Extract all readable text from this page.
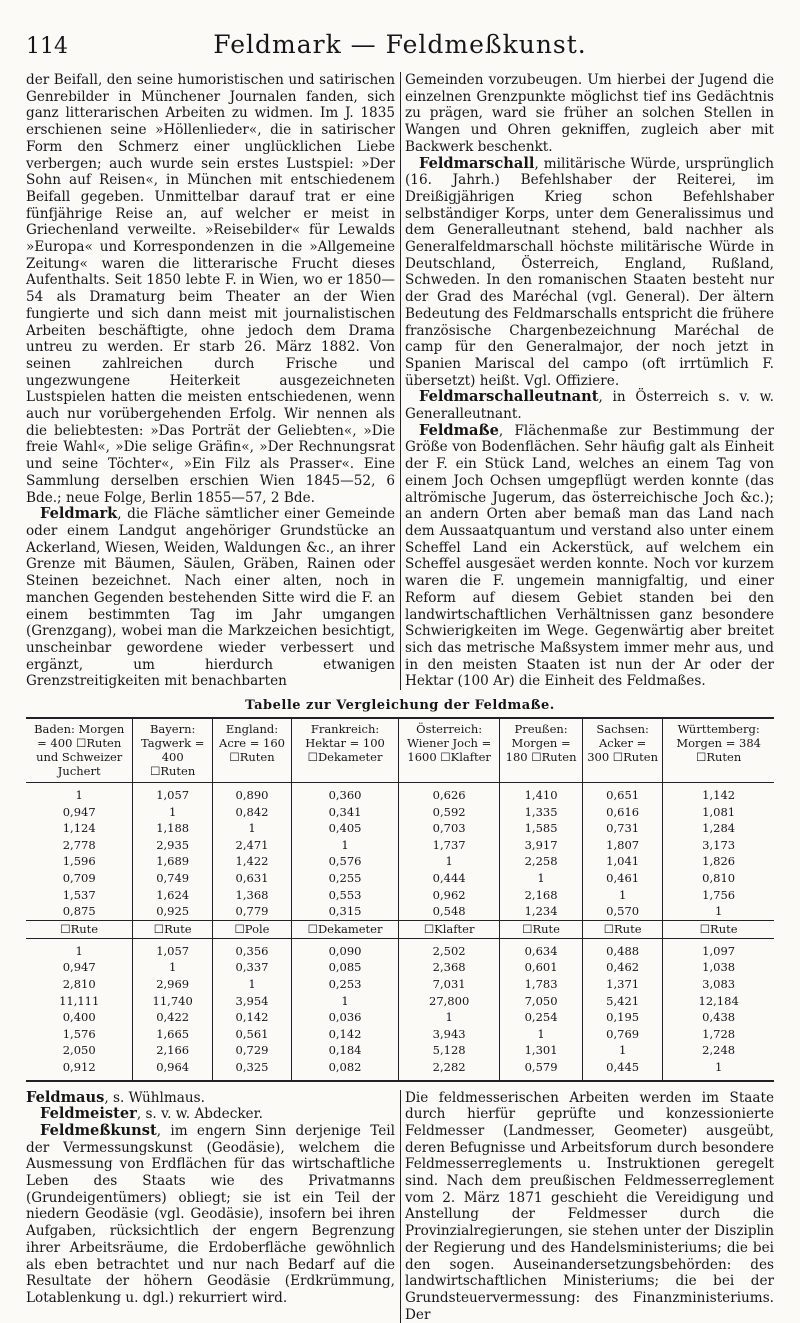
114	Feldmark — Feldmeßkunst.

der Beifall, den seine humoristischen und satirischen Genrebilder in Münchener Journalen fanden, sich ganz litterarischen Arbeiten zu widmen. Im J. 1835 erschienen seine »Höllenlieder«, die in satirischer Form den Schmerz einer unglücklichen Liebe verbergen; auch wurde sein erstes Lustspiel: »Der Sohn auf Reisen«, in München mit entschiedenem Beifall gegeben. Unmittelbar darauf trat er eine fünfjährige Reise an, auf welcher er meist in Griechenland verweilte. »Reisebilder« für Lewalds »Europa« und Korrespondenzen in die »Allgemeine Zeitung« waren die litterarische Frucht dieses Aufenthalts. Seit 1850 lebte F. in Wien, wo er 1850—54 als Dramaturg beim Theater an der Wien fungierte und sich dann meist mit journalistischen Arbeiten beschäftigte, ohne jedoch dem Drama untreu zu werden. Er starb 26. März 1882. Von seinen zahlreichen durch Frische und ungezwungene Heiterkeit ausgezeichneten Lustspielen hatten die meisten entschiedenen, wenn auch nur vorübergehenden Erfolg. Wir nennen als die beliebtesten: »Das Porträt der Geliebten«, »Die freie Wahl«, »Die selige Gräfin«, »Der Rechnungsrat und seine Töchter«, »Ein Filz als Prasser«. Eine Sammlung derselben erschien Wien 1845—52, 6 Bde.; neue Folge, Berlin 1855—57, 2 Bde.

Feldmark, die Fläche sämtlicher einer Gemeinde oder einem Landgut angehöriger Grundstücke an Ackerland, Wiesen, Weiden, Waldungen &c., an ihrer Grenze mit Bäumen, Säulen, Gräben, Rainen oder Steinen bezeichnet. Nach einer alten, noch in manchen Gegenden bestehenden Sitte wird die F. an einem bestimmten Tag im Jahr umgangen (Grenzgang), wobei man die Markzeichen besichtigt, unscheinbar gewordene wieder verbessert und ergänzt, um hierdurch etwanigen Grenzstreitigkeiten mit benachbarten

Gemeinden vorzubeugen. Um hierbei der Jugend die einzelnen Grenzpunkte möglichst tief ins Gedächtnis zu prägen, ward sie früher an solchen Stellen in Wangen und Ohren gekniffen, zugleich aber mit Backwerk beschenkt.

Feldmarschall, militärische Würde, ursprünglich (16. Jahrh.) Befehlshaber der Reiterei, im Dreißigjährigen Krieg schon Befehlshaber selbständiger Korps, unter dem Generalissimus und dem Generalleutnant stehend, bald nachher als Generalfeldmarschall höchste militärische Würde in Deutschland, Österreich, England, Rußland, Schweden. In den romanischen Staaten besteht nur der Grad des Maréchal (vgl. General). Der ältern Bedeutung des Feldmarschalls entspricht die frühere französische Chargenbezeichnung Maréchal de camp für den Generalmajor, der noch jetzt in Spanien Mariscal del campo (oft irrtümlich F. übersetzt) heißt. Vgl. Offiziere.

Feldmarschalleutnant, in Österreich s. v. w. Generalleutnant.

Feldmaße, Flächenmaße zur Bestimmung der Größe von Bodenflächen. Sehr häufig galt als Einheit der F. ein Stück Land, welches an einem Tag von einem Joch Ochsen umgepflügt werden konnte (das altrömische Jugerum, das österreichische Joch &c.); an andern Orten aber bemaß man das Land nach dem Aussaatquantum und verstand also unter einem Scheffel Land ein Ackerstück, auf welchem ein Scheffel ausgesäet werden konnte. Noch vor kurzem waren die F. ungemein mannigfaltig, und einer Reform auf diesem Gebiet standen bei den landwirtschaftlichen Verhältnissen ganz besondere Schwierigkeiten im Wege. Gegenwärtig aber breitet sich das metrische Maßsystem immer mehr aus, und in den meisten Staaten ist nun der Ar oder der Hektar (100 Ar) die Einheit des Feldmaßes.

Tabelle zur Vergleichung der Feldmaße.
Baden: Morgen = 400 ☐Ruten und Schweizer Juchert	Bayern: Tagwerk = 400 ☐Ruten	England: Acre = 160 ☐Ruten	Frankreich: Hektar = 100 ☐Dekameter	Österreich: Wiener Joch = 1600 ☐Klafter	Preußen: Morgen = 180 ☐Ruten	Sachsen: Acker = 300 ☐Ruten	Württemberg: Morgen = 384 ☐Ruten
1	1,057	0,890	0,360	0,626	1,410	0,651	1,142
0,947	1	0,842	0,341	0,592	1,335	0,616	1,081
1,124	1,188	1	0,405	0,703	1,585	0,731	1,284
2,778	2,935	2,471	1	1,737	3,917	1,807	3,173
1,596	1,689	1,422	0,576	1	2,258	1,041	1,826
0,709	0,749	0,631	0,255	0,444	1	0,461	0,810
1,537	1,624	1,368	0,553	0,962	2,168	1	1,756
0,875	0,925	0,779	0,315	0,548	1,234	0,570	1
☐Rute	☐Rute	☐Pole	☐Dekameter	☐Klafter	☐Rute	☐Rute	☐Rute
1	1,057	0,356	0,090	2,502	0,634	0,488	1,097
0,947	1	0,337	0,085	2,368	0,601	0,462	1,038
2,810	2,969	1	0,253	7,031	1,783	1,371	3,083
11,111	11,740	3,954	1	27,800	7,050	5,421	12,184
0,400	0,422	0,142	0,036	1	0,254	0,195	0,438
1,576	1,665	0,561	0,142	3,943	1	0,769	1,728
2,050	2,166	0,729	0,184	5,128	1,301	1	2,248
0,912	0,964	0,325	0,082	2,282	0,579	0,445	1

Feldmaus, s. Wühlmaus.

Feldmeister, s. v. w. Abdecker.

Feldmeßkunst, im engern Sinn derjenige Teil der Vermessungskunst (Geodäsie), welchem die Ausmessung von Erdflächen für das wirtschaftliche Leben des Staats wie des Privatmanns (Grundeigentümers) obliegt; sie ist ein Teil der niedern Geodäsie (vgl. Geodäsie), insofern bei ihren Aufgaben, rücksichtlich der engern Begrenzung ihrer Arbeitsräume, die Erdoberfläche gewöhnlich als eben betrachtet und nur nach Bedarf auf die Resultate der höhern Geodäsie (Erdkrümmung, Lotablenkung u. dgl.) rekurriert wird.

Die feldmesserischen Arbeiten werden im Staate durch hierfür geprüfte und konzessionierte Feldmesser (Landmesser, Geometer) ausgeübt, deren Befugnisse und Arbeitsforum durch besondere Feldmesserreglements u. Instruktionen geregelt sind. Nach dem preußischen Feldmesserreglement vom 2. März 1871 geschieht die Vereidigung und Anstellung der Feldmesser durch die Provinzialregierungen, sie stehen unter der Disziplin der Regierung und des Handelsministeriums; die bei den sogen. Auseinandersetzungsbehörden: des landwirtschaftlichen Ministeriums; die bei der Grundsteuervermessung: des Finanzministeriums. Der
